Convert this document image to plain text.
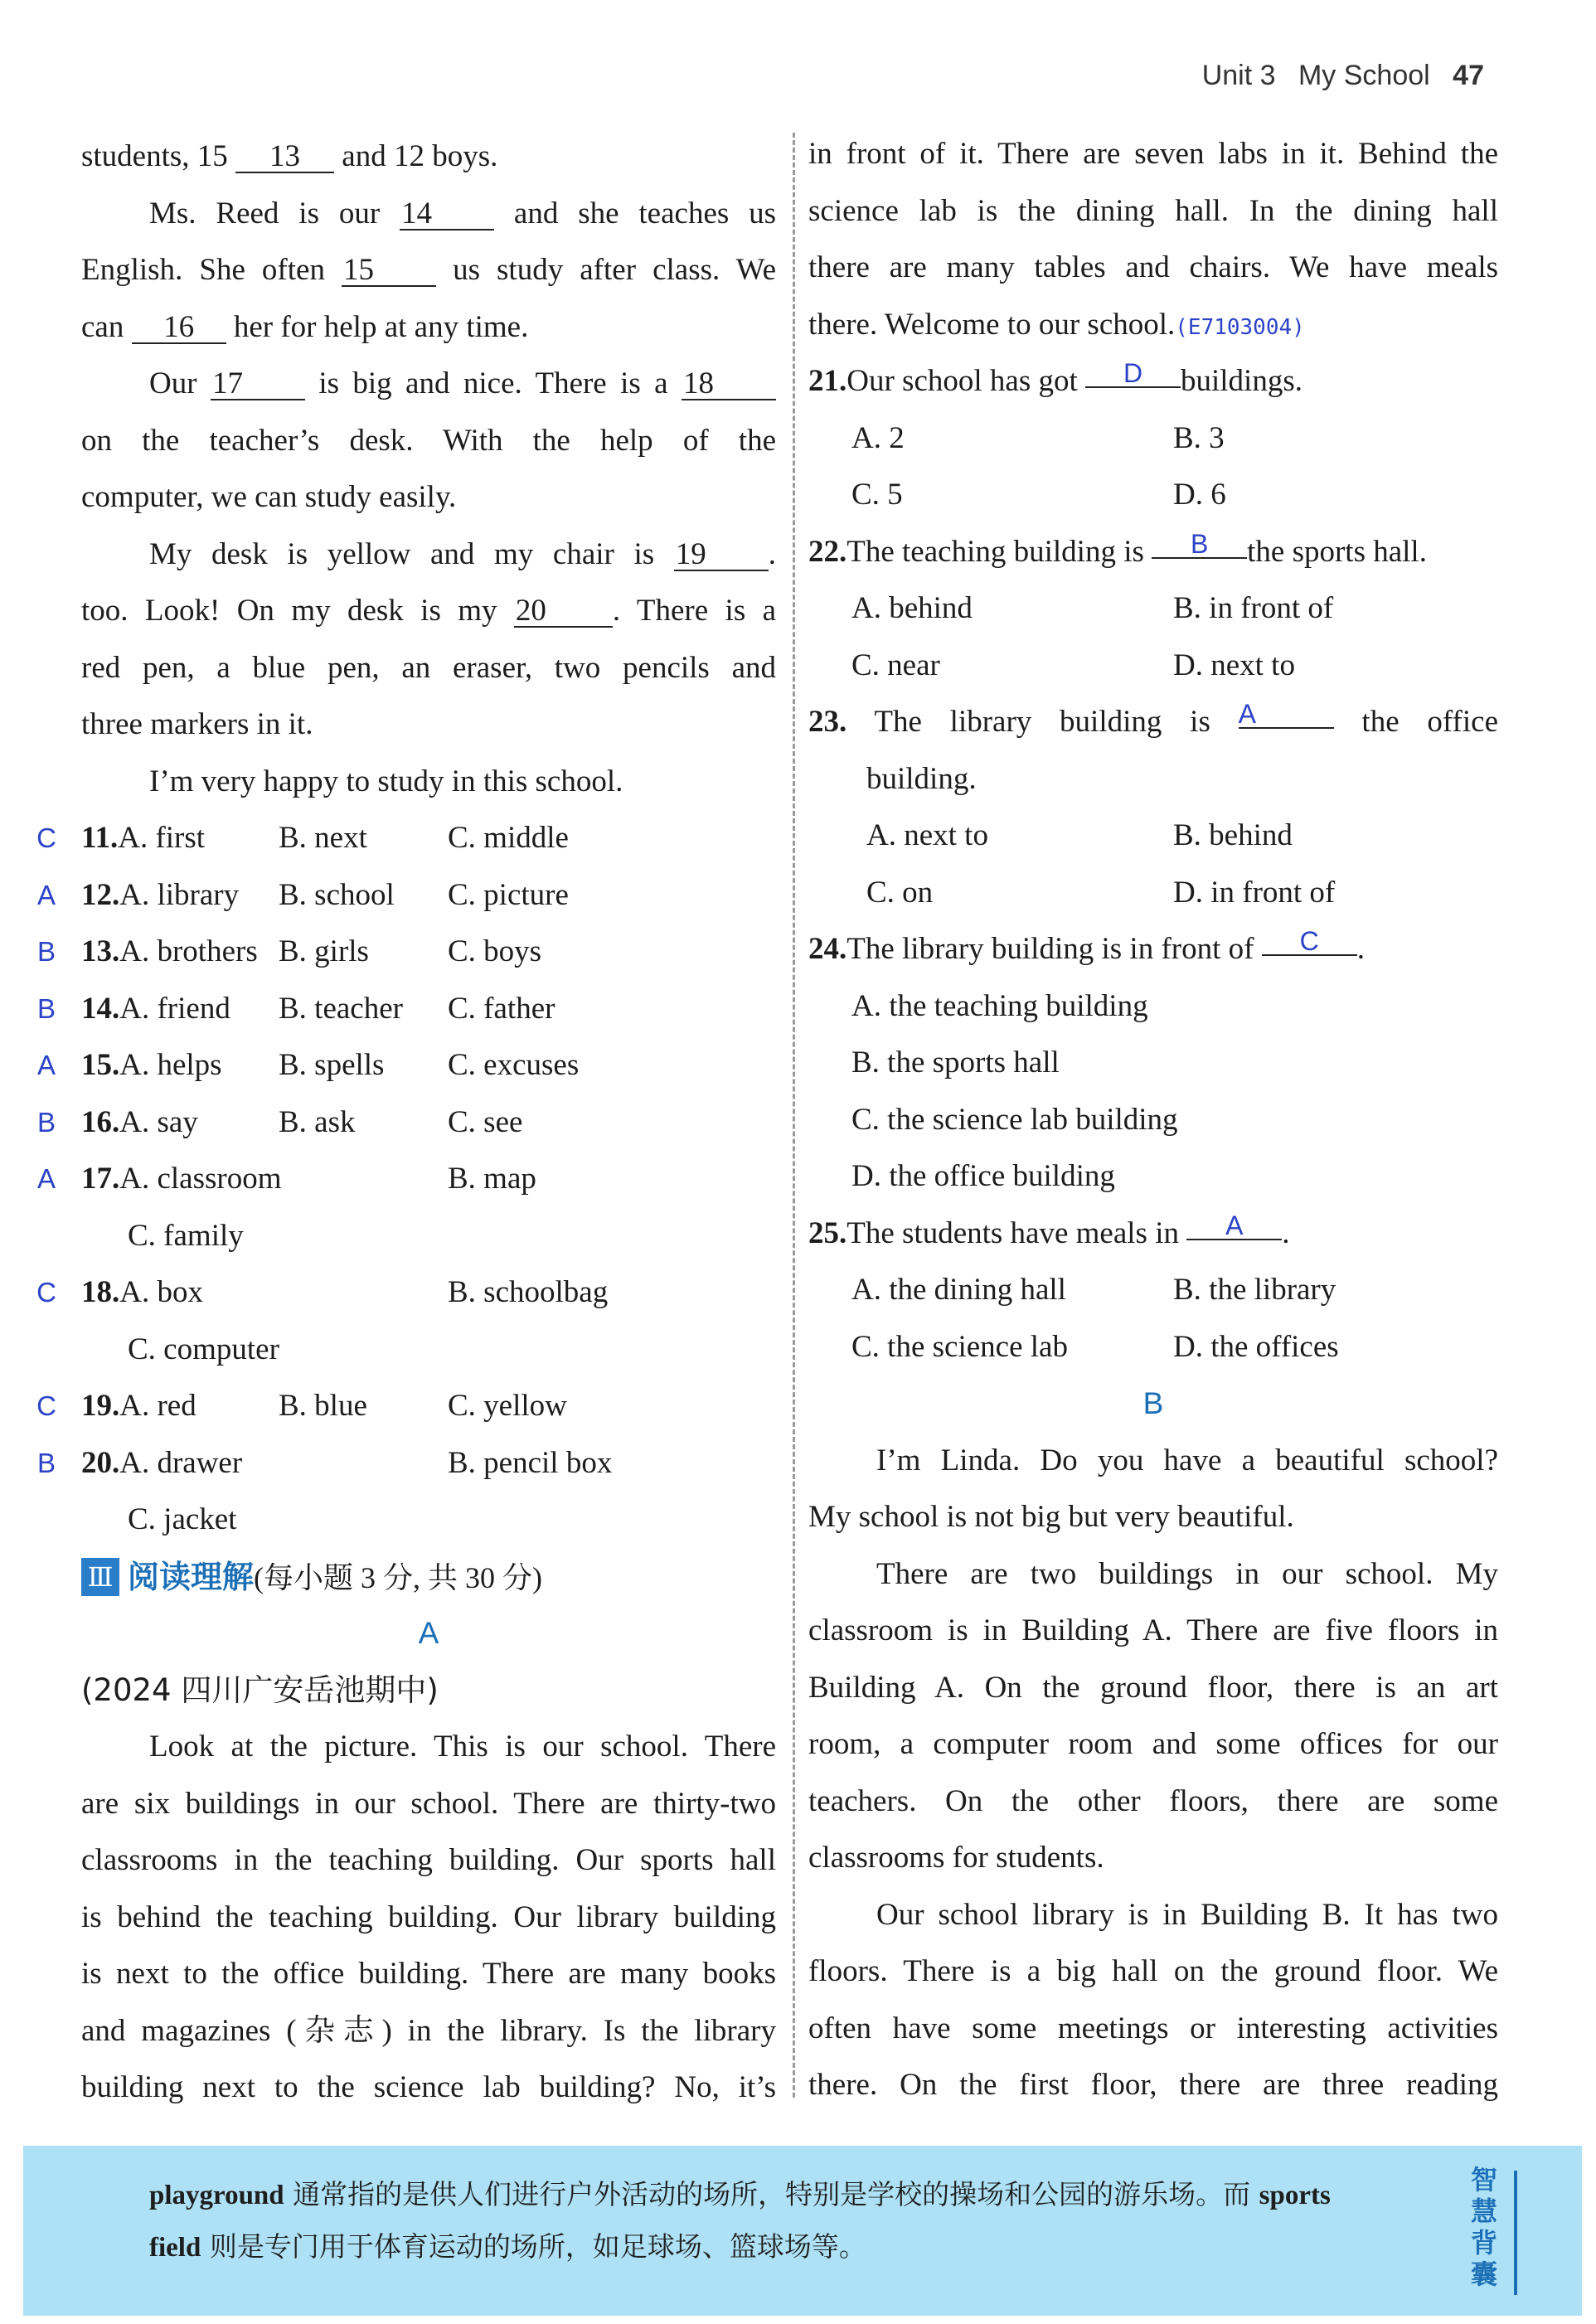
Unit 3 My School 47
students, 15 13 and 12 boys.
Ms. Reed is our 14	and she teaches us
English. She often 15	us study after class. We
can 16 her for help at any time.
Our 17 is big and nice. There is a 18
on the teacher’s desk. With the help of the
computer, we can study easily.
My desk is yellow and my chair is 19 .
too. Look! On my desk is my 20 . There is a
red pen, a blue pen, an eraser, two pencils and
three markers in it.
I’m very happy to study in this school.
C 11.A. first B. next	C. middle
A 12.A. library B. school C. picture
B 13.A. brothers B. girls	C. boys
B 14.A. friend B. teacher C. father
A 15.A. helps B. spells C. excuses
B 16.A. say	B. ask	C. see
A 17.A. classroom	B. map
C. family
C 18.A. box	B. schoolbag
C. computer
C 19.A. red	B. blue	C. yellow
B 20.A. drawer	B. pencil box
C. jacket
Ⅲ 阅读理解(每小题 3 分, 共 30 分)
A
(2024 四川广安岳池期中)
Look at the picture. This is our school. There
are six buildings in our school. There are thirty-two
classrooms in the teaching building. Our sports hall
is behind the teaching building. Our library building
is next to the office building. There are many books
and magazines (杂志) in the library. Is the library
building next to the science lab building? No, it’s
in front of it. There are seven labs in it. Behind the
science lab is the dining hall. In the dining hall
there are many tables and chairs. We have meals
there. Welcome to our school.(E7103004)
21.Our school has got D buildings.
A. 2	B. 3
C. 5	D. 6
22.The teaching building is B the sports hall.
A. behind	B. in front of
C. near	D. next to
23. The library building is A	the office
building.
A. next to	B. behind
C. on	D. in front of
24.The library building is in front of C .
A. the teaching building
B. the sports hall
C. the science lab building
D. the office building
25.The students have meals in A .
A. the dining hall	B. the library
C. the science lab	D. the offices
B
I’m Linda. Do you have a beautiful school?
My school is not big but very beautiful.
There are two buildings in our school. My
classroom is in Building A. There are five floors in
Building A. On the ground floor, there is an art
room, a computer room and some offices for our
teachers. On the other floors, there are some
classrooms for students.
Our school library is in Building B. It has two
floors. There is a big hall on the ground floor. We
often have some meetings or interesting activities
there. On the first floor, there are three reading
playground 通常指的是供人们进行户外活动的场所，特别是学校的操场和公园的游乐场。而 sports
field 则是专门用于体育运动的场所，如足球场、篮球场等。
智慧背囊
